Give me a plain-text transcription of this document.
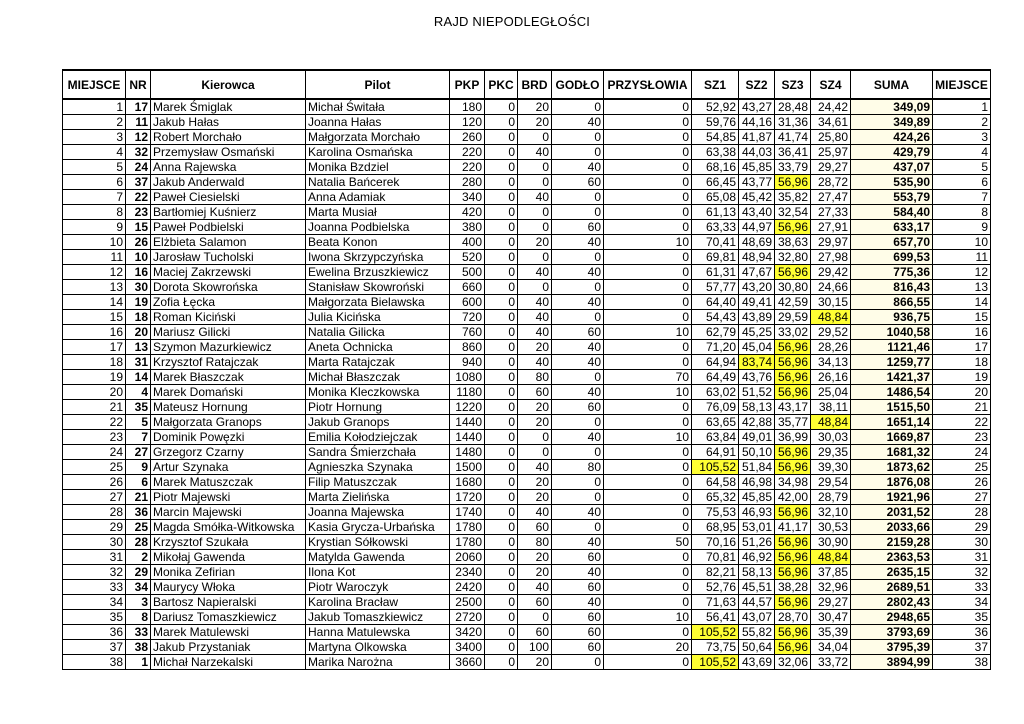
RAJD NIEPODLEGŁOŚCI
MIEJSCE	NR	Kierowca	Pilot	PKP	PKC	BRD	GODŁO	PRZYSŁOWIA	SZ1	SZ2	SZ3	SZ4	SUMA	MIEJSCE
1	17	Marek Śmiglak	Michał Świtała	180	0	20	0	0	52,92	43,27	28,48	24,42	349,09	1
2	11	Jakub Hałas	Joanna Hałas	120	0	20	40	0	59,76	44,16	31,36	34,61	349,89	2
3	12	Robert Morchało	Małgorzata Morchało	260	0	0	0	0	54,85	41,87	41,74	25,80	424,26	3
4	32	Przemysław Osmański	Karolina Osmańska	220	0	40	0	0	63,38	44,03	36,41	25,97	429,79	4
5	24	Anna Rajewska	Monika Bzdziel	220	0	0	40	0	68,16	45,85	33,79	29,27	437,07	5
6	37	Jakub Anderwald	Natalia Bańcerek	280	0	0	60	0	66,45	43,77	56,96	28,72	535,90	6
7	22	Paweł Ciesielski	Anna Adamiak	340	0	40	0	0	65,08	45,42	35,82	27,47	553,79	7
8	23	Bartłomiej Kuśnierz	Marta Musiał	420	0	0	0	0	61,13	43,40	32,54	27,33	584,40	8
9	15	Paweł Podbielski	Joanna Podbielska	380	0	0	60	0	63,33	44,97	56,96	27,91	633,17	9
10	26	Elżbieta Salamon	Beata Konon	400	0	20	40	10	70,41	48,69	38,63	29,97	657,70	10
11	10	Jarosław Tucholski	Iwona Skrzypczyńska	520	0	0	0	0	69,81	48,94	32,80	27,98	699,53	11
12	16	Maciej Zakrzewski	Ewelina Brzuszkiewicz	500	0	40	40	0	61,31	47,67	56,96	29,42	775,36	12
13	30	Dorota Skowrońska	Stanisław Skowroński	660	0	0	0	0	57,77	43,20	30,80	24,66	816,43	13
14	19	Zofia Łęcka	Małgorzata Bielawska	600	0	40	40	0	64,40	49,41	42,59	30,15	866,55	14
15	18	Roman Kiciński	Julia Kicińska	720	0	40	0	0	54,43	43,89	29,59	48,84	936,75	15
16	20	Mariusz Gilicki	Natalia Gilicka	760	0	40	60	10	62,79	45,25	33,02	29,52	1040,58	16
17	13	Szymon Mazurkiewicz	Aneta Ochnicka	860	0	20	40	0	71,20	45,04	56,96	28,26	1121,46	17
18	31	Krzysztof Ratajczak	Marta Ratajczak	940	0	40	40	0	64,94	83,74	56,96	34,13	1259,77	18
19	14	Marek Błaszczak	Michał Błaszczak	1080	0	80	0	70	64,49	43,76	56,96	26,16	1421,37	19
20	4	Marek Domański	Monika Kleczkowska	1180	0	60	40	10	63,02	51,52	56,96	25,04	1486,54	20
21	35	Mateusz Hornung	Piotr Hornung	1220	0	20	60	0	76,09	58,13	43,17	38,11	1515,50	21
22	5	Małgorzata Granops	Jakub Granops	1440	0	20	0	0	63,65	42,88	35,77	48,84	1651,14	22
23	7	Dominik Powęzki	Emilia Kołodziejczak	1440	0	0	40	10	63,84	49,01	36,99	30,03	1669,87	23
24	27	Grzegorz Czarny	Sandra Śmierzchała	1480	0	0	0	0	64,91	50,10	56,96	29,35	1681,32	24
25	9	Artur Szynaka	Agnieszka Szynaka	1500	0	40	80	0	105,52	51,84	56,96	39,30	1873,62	25
26	6	Marek Matuszczak	Filip Matuszczak	1680	0	20	0	0	64,58	46,98	34,98	29,54	1876,08	26
27	21	Piotr Majewski	Marta Zielińska	1720	0	20	0	0	65,32	45,85	42,00	28,79	1921,96	27
28	36	Marcin Majewski	Joanna Majewska	1740	0	40	40	0	75,53	46,93	56,96	32,10	2031,52	28
29	25	Magda Smółka-Witkowska	Kasia Grycza-Urbańska	1780	0	60	0	0	68,95	53,01	41,17	30,53	2033,66	29
30	28	Krzysztof Szukała	Krystian Sółkowski	1780	0	80	40	50	70,16	51,26	56,96	30,90	2159,28	30
31	2	Mikołaj Gawenda	Matylda Gawenda	2060	0	20	60	0	70,81	46,92	56,96	48,84	2363,53	31
32	29	Monika Zefirian	Ilona Kot	2340	0	20	40	0	82,21	58,13	56,96	37,85	2635,15	32
33	34	Maurycy Włoka	Piotr Waroczyk	2420	0	40	60	0	52,76	45,51	38,28	32,96	2689,51	33
34	3	Bartosz Napieralski	Karolina Bracław	2500	0	60	40	0	71,63	44,57	56,96	29,27	2802,43	34
35	8	Dariusz Tomaszkiewicz	Jakub Tomaszkiewicz	2720	0	0	60	10	56,41	43,07	28,70	30,47	2948,65	35
36	33	Marek Matulewski	Hanna Matulewska	3420	0	60	60	0	105,52	55,82	56,96	35,39	3793,69	36
37	38	Jakub Przystaniak	Martyna Olkowska	3400	0	100	60	20	73,75	50,64	56,96	34,04	3795,39	37
38	1	Michał Narzekalski	Marika Narożna	3660	0	20	0	0	105,52	43,69	32,06	33,72	3894,99	38
